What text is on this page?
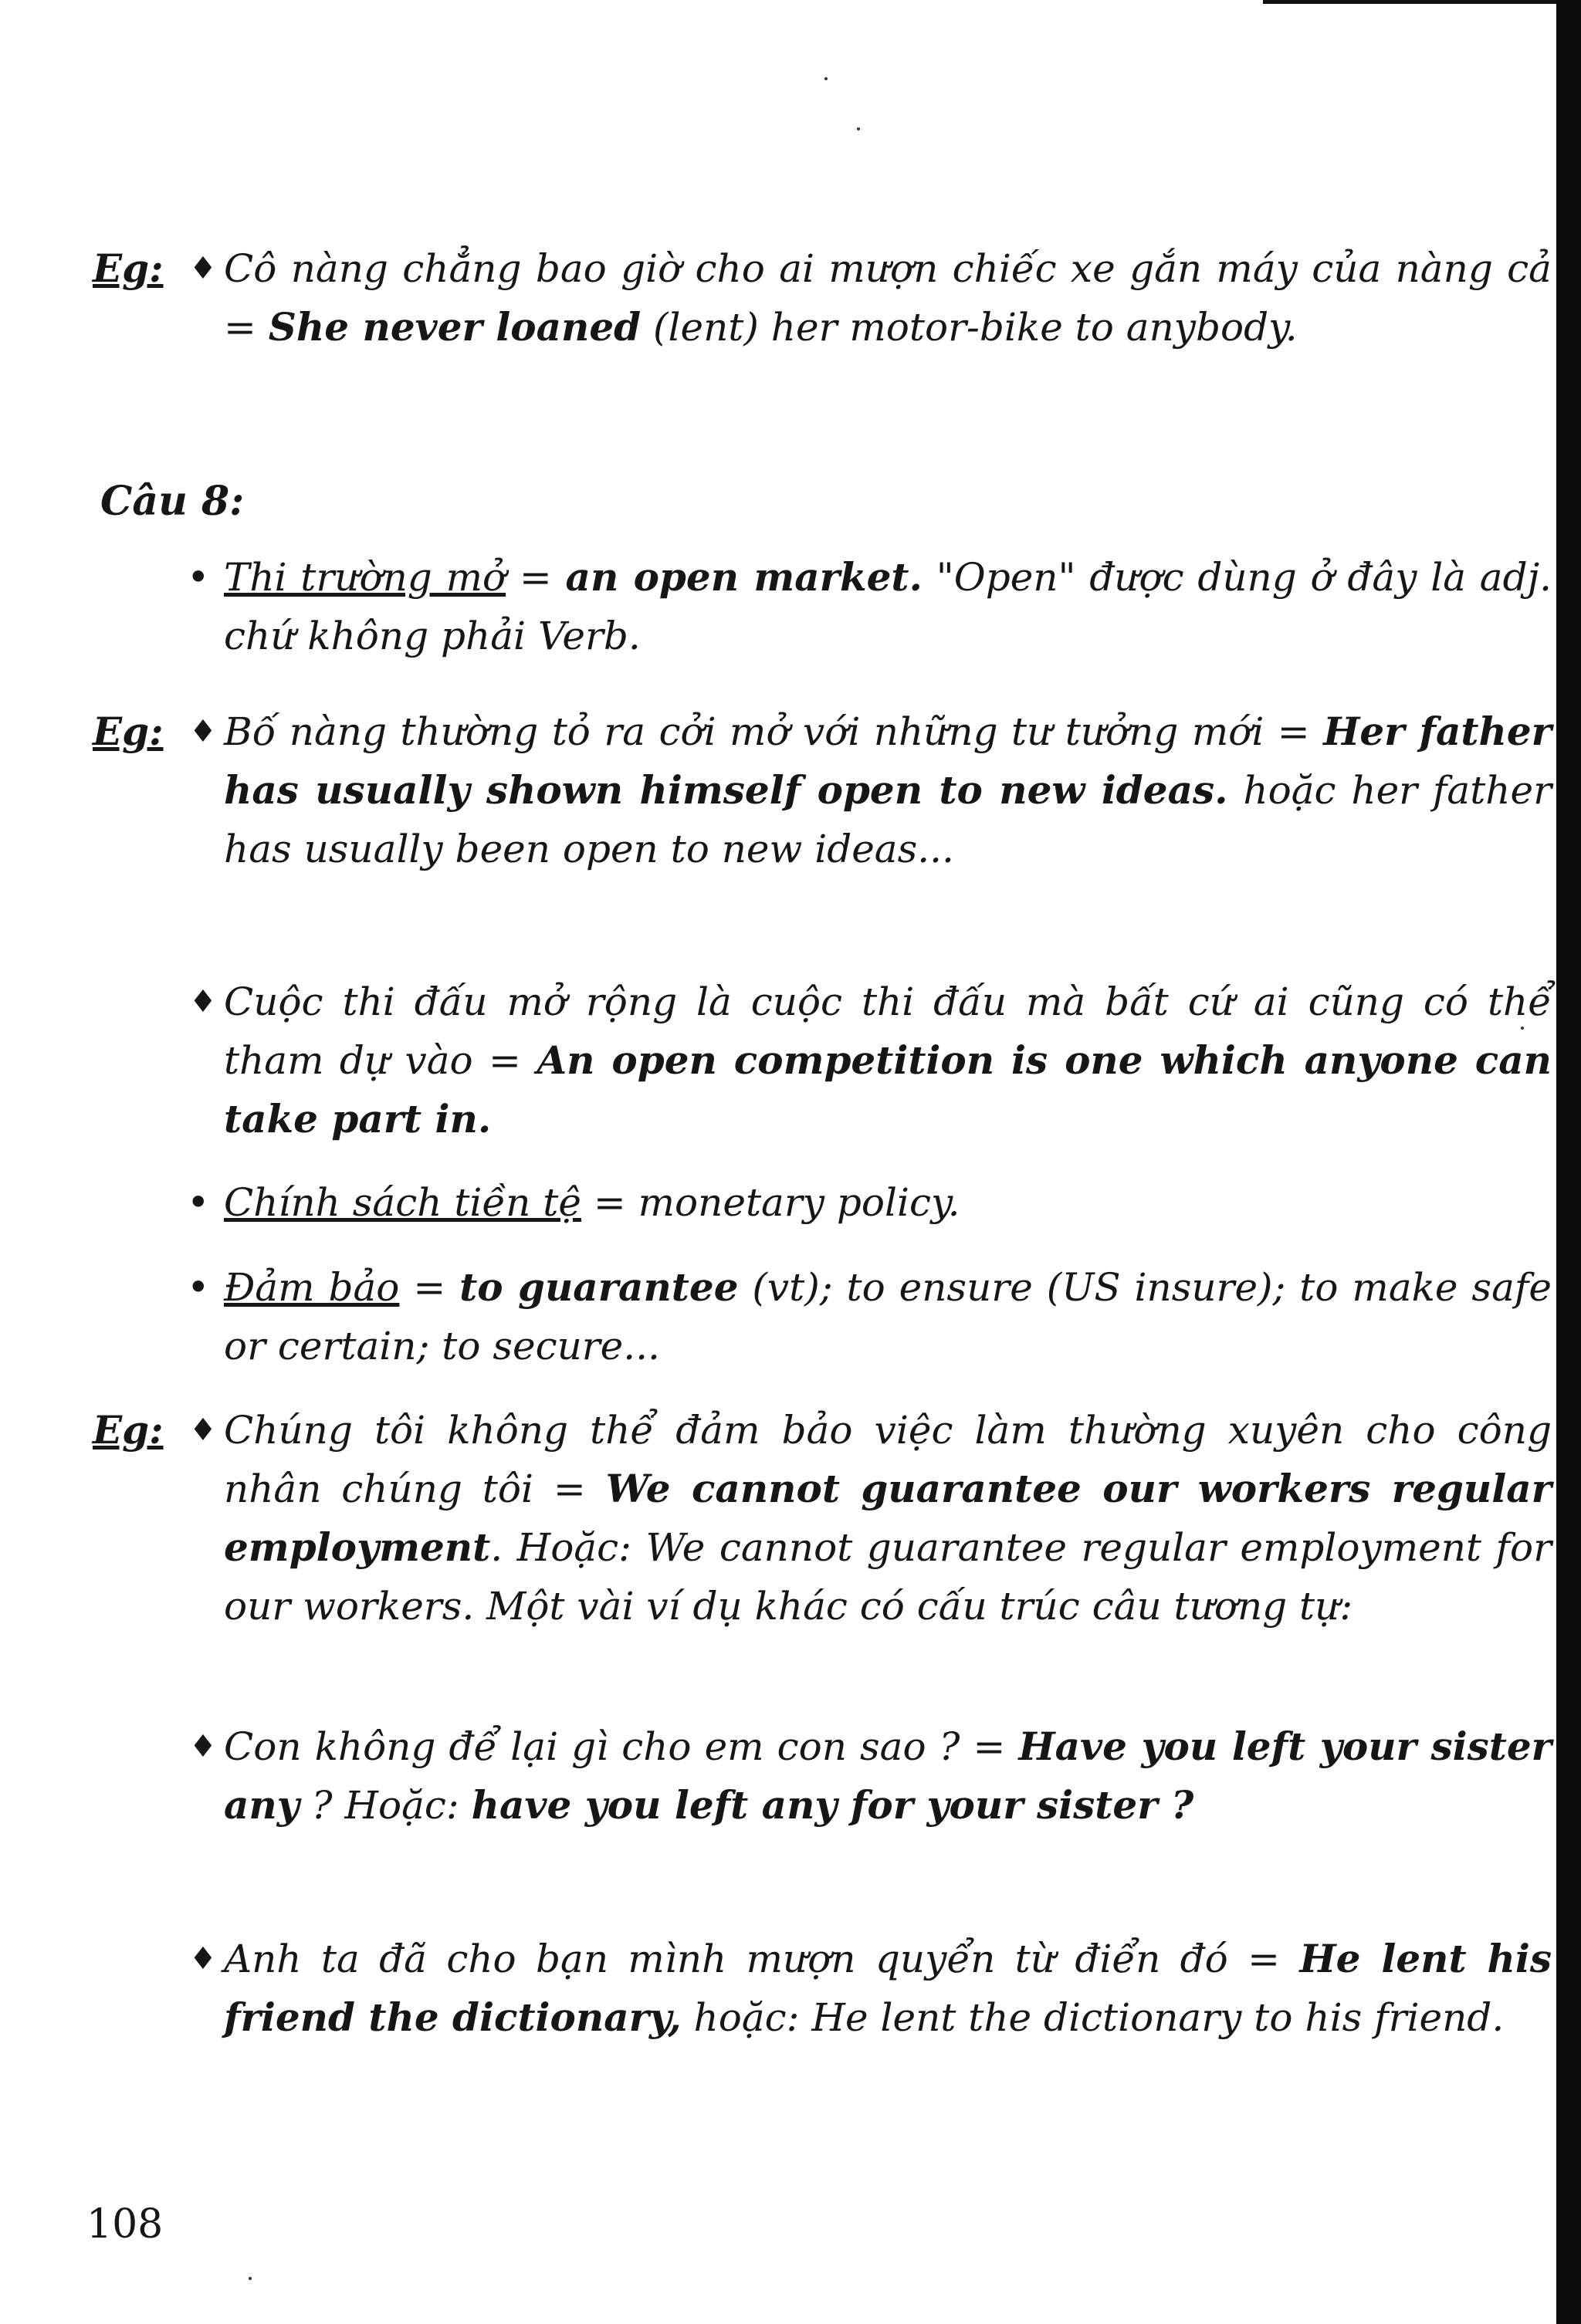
Eg: ♦ Cô nàng chẳng bao giờ cho ai mượn chiếc xe gắn máy của nàng cả = She never loaned (lent) her motor-bike to anybody.
Câu 8:
• Thi trường mở = an open market. "Open" được dùng ở đây là adj. chứ không phải Verb.
Eg: ♦ Bố nàng thường tỏ ra cởi mở với những tư tưởng mới = Her father has usually shown himself open to new ideas. hoặc her father has usually been open to new ideas...
♦ Cuộc thi đấu mở rộng là cuộc thi đấu mà bất cứ ai cũng có thể tham dự vào = An open competition is one which anyone can take part in.
• Chính sách tiền tệ = monetary policy.
• Đảm bảo = to guarantee (vt); to ensure (US insure); to make safe or certain; to secure...
Eg: ♦ Chúng tôi không thể đảm bảo việc làm thường xuyên cho công nhân chúng tôi = We cannot guarantee our workers regular employment. Hoặc: We cannot guarantee regular employment for our workers. Một vài ví dụ khác có cấu trúc câu tương tự:
♦ Con không để lại gì cho em con sao ? = Have you left your sister any ? Hoặc: have you left any for your sister ?
♦ Anh ta đã cho bạn mình mượn quyển từ điển đó = He lent his friend the dictionary, hoặc: He lent the dictionary to his friend.
108
